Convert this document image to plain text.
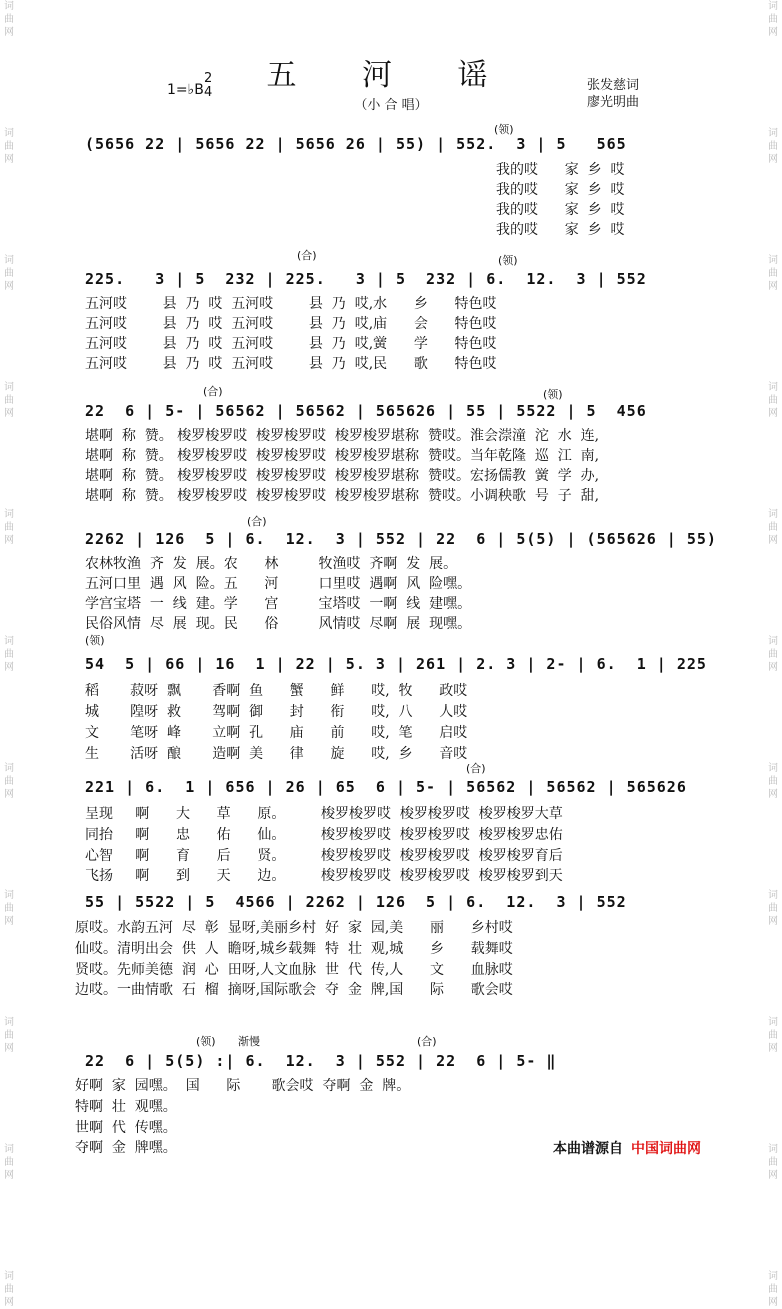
词曲网
词曲网
词曲网
词曲网
词曲网
词曲网
词曲网
词曲网
词曲网
词曲网
词曲网
词曲网
词曲网
词曲网
词曲网
词曲网
词曲网
词曲网
词曲网
词曲网
词曲网
词曲网
五 河 谣
（小 合 唱）
1=♭B
2
4	张发慈词
廖光明曲
(领)
(合)	(领)
(合)	(领)
(合)
(领)
(合)
(领) 渐慢	(合)
(5656 22 | 5656 22 | 5656 26 | 55) | 552.  3 | 5   565
我的哎      家  乡  哎
我的哎      家  乡  哎
我的哎      家  乡  哎
我的哎      家  乡  哎
225.   3 | 5  232 | 225.   3 | 5  232 | 6.  12.  3 | 552
五河哎        县  乃  哎  五河哎        县  乃  哎,水      乡      特色哎
五河哎        县  乃  哎  五河哎        县  乃  哎,庙      会      特色哎
五河哎        县  乃  哎  五河哎        县  乃  哎,黉      学      特色哎
五河哎        县  乃  哎  五河哎        县  乃  哎,民      歌      特色哎
22  6 | 5- | 56562 | 56562 | 565626 | 55 | 5522 | 5  456
堪啊  称  赞。 梭罗梭罗哎  梭罗梭罗哎  梭罗梭罗堪称  赞哎。淮会漴潼  沱  水  连,
堪啊  称  赞。 梭罗梭罗哎  梭罗梭罗哎  梭罗梭罗堪称  赞哎。当年乾隆  巡  江  南,
堪啊  称  赞。 梭罗梭罗哎  梭罗梭罗哎  梭罗梭罗堪称  赞哎。宏扬儒教  黉  学  办,
堪啊  称  赞。 梭罗梭罗哎  梭罗梭罗哎  梭罗梭罗堪称  赞哎。小调秧歌  号  子  甜,
2262 | 126  5 | 6.  12.  3 | 552 | 22  6 | 5(5) | (565626 | 55)
农林牧渔  齐  发  展。农      林         牧渔哎  齐啊  发  展。
五河口里  遇  风  险。五      河         口里哎  遇啊  风  险嘿。
学宫宝塔  一  线  建。学      宫         宝塔哎  一啊  线  建嘿。
民俗风情  尽  展  现。民      俗         风情哎  尽啊  展  现嘿。
54  5 | 66 | 16  1 | 22 | 5. 3 | 261 | 2. 3 | 2- | 6.  1 | 225
稻       菽呀  飘       香啊  鱼      蟹      鲜      哎,  牧      政哎
城       隍呀  救       驾啊  御      封      衔      哎,  八      人哎
文       笔呀  峰       立啊  孔      庙      前      哎,  笔      启哎
生       活呀  酿       造啊  美      律      旋      哎,  乡      音哎
221 | 6.  1 | 656 | 26 | 65  6 | 5- | 56562 | 56562 | 565626
呈现     啊      大      草      原。        梭罗梭罗哎  梭罗梭罗哎  梭罗梭罗大草
同抬     啊      忠      佑      仙。        梭罗梭罗哎  梭罗梭罗哎  梭罗梭罗忠佑
心智     啊      育      后      贤。        梭罗梭罗哎  梭罗梭罗哎  梭罗梭罗育后
飞扬     啊      到      天      边。        梭罗梭罗哎  梭罗梭罗哎  梭罗梭罗到天
55 | 5522 | 5  4566 | 2262 | 126  5 | 6.  12.  3 | 552
原哎。水韵五河  尽  彰  显呀,美丽乡村  好  家  园,美      丽      乡村哎
仙哎。清明出会  供  人  瞻呀,城乡载舞  特  壮  观,城      乡      载舞哎
贤哎。先师美德  润  心  田呀,人文血脉  世  代  传,人      文      血脉哎
边哎。一曲情歌  石  榴  摘呀,国际歌会  夺  金  牌,国      际      歌会哎
22  6 | 5(5) :| 6.  12.  3 | 552 | 22  6 | 5- ‖
好啊  家  园嘿。  国      际       歌会哎  夺啊  金  牌。
特啊  壮  观嘿。
世啊  代  传嘿。
夺啊  金  牌嘿。	本曲谱源自 中国词曲网
